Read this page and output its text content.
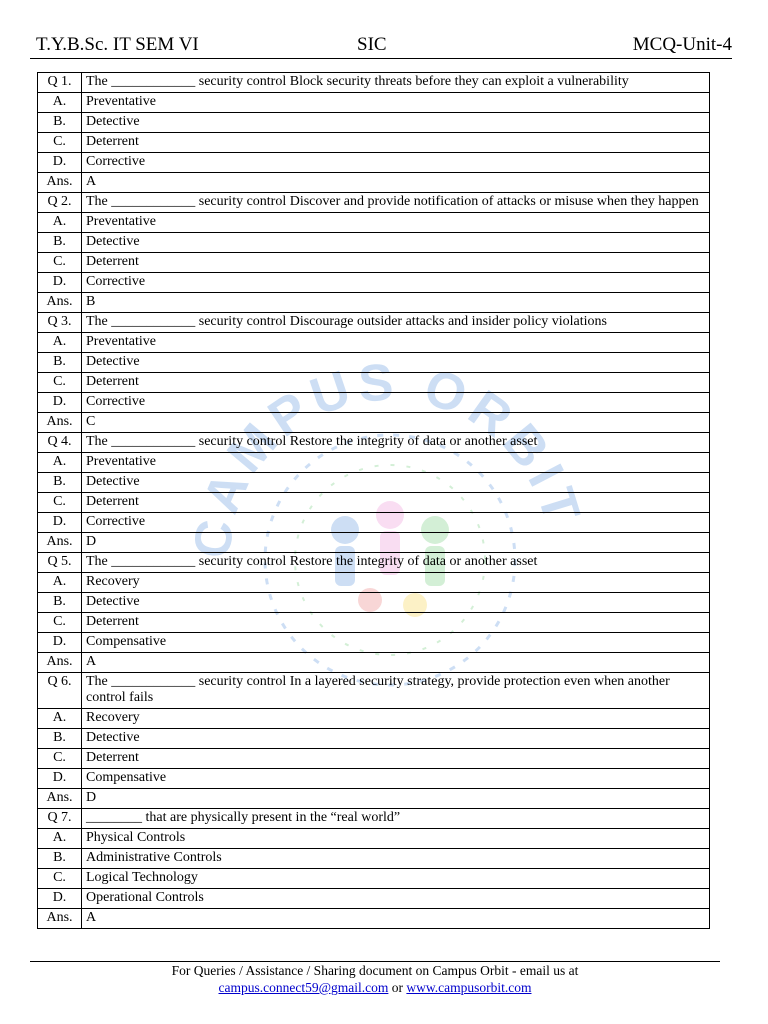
CAMPUS ORBIT
T.Y.B.Sc. IT SEM VI	SIC	MCQ-Unit-4
Q 1.	The ____________ security control Block security threats before they can exploit a vulnerability
A.	Preventative
B.	Detective
C.	Deterrent
D.	Corrective
Ans.	A
Q 2.	The ____________ security control Discover and provide notification of attacks or misuse when they happen
A.	Preventative
B.	Detective
C.	Deterrent
D.	Corrective
Ans.	B
Q 3.	The ____________ security control Discourage outsider attacks and insider policy violations
A.	Preventative
B.	Detective
C.	Deterrent
D.	Corrective
Ans.	C
Q 4.	The ____________ security control Restore the integrity of data or another asset
A.	Preventative
B.	Detective
C.	Deterrent
D.	Corrective
Ans.	D
Q 5.	The ____________ security control Restore the integrity of data or another asset
A.	Recovery
B.	Detective
C.	Deterrent
D.	Compensative
Ans.	A
Q 6.	The ____________ security control In a layered security strategy, provide protection even when another control fails
A.	Recovery
B.	Detective
C.	Deterrent
D.	Compensative
Ans.	D
Q 7.	________ that are physically present in the “real world”
A.	Physical Controls
B.	Administrative Controls
C.	Logical Technology
D.	Operational Controls
Ans.	A
For Queries / Assistance / Sharing document on Campus Orbit - email us at
campus.connect59@gmail.com or www.campusorbit.com
